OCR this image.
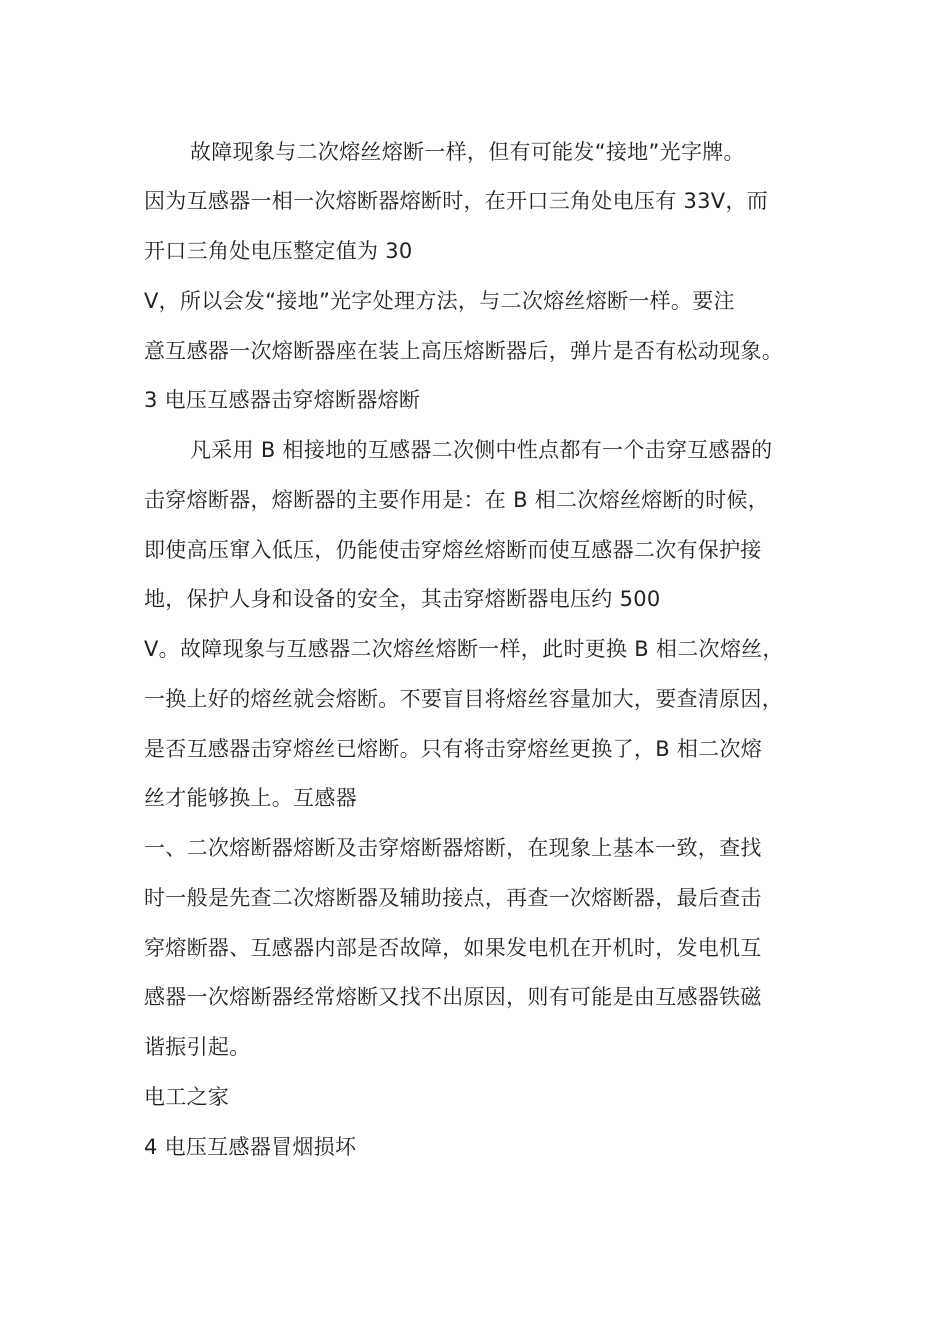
故障现象与二次熔丝熔断一样，但有可能发“接地”光字牌。

因为互感器一相一次熔断器熔断时，在开口三角处电压有 33V，而

开口三角处电压整定值为 30

V，所以会发“接地”光字处理方法，与二次熔丝熔断一样。要注

意互感器一次熔断器座在装上高压熔断器后，弹片是否有松动现象。

3 电压互感器击穿熔断器熔断

凡采用 B 相接地的互感器二次侧中性点都有一个击穿互感器的

击穿熔断器，熔断器的主要作用是：在 B 相二次熔丝熔断的时候，

即使高压窜入低压，仍能使击穿熔丝熔断而使互感器二次有保护接

地，保护人身和设备的安全，其击穿熔断器电压约 500

V。故障现象与互感器二次熔丝熔断一样，此时更换 B 相二次熔丝，

一换上好的熔丝就会熔断。不要盲目将熔丝容量加大，要查清原因，

是否互感器击穿熔丝已熔断。只有将击穿熔丝更换了，B 相二次熔

丝才能够换上。互感器

一、二次熔断器熔断及击穿熔断器熔断，在现象上基本一致，查找

时一般是先查二次熔断器及辅助接点，再查一次熔断器，最后查击

穿熔断器、互感器内部是否故障，如果发电机在开机时，发电机互

感器一次熔断器经常熔断又找不出原因，则有可能是由互感器铁磁

谐振引起。

电工之家

4 电压互感器冒烟损坏
